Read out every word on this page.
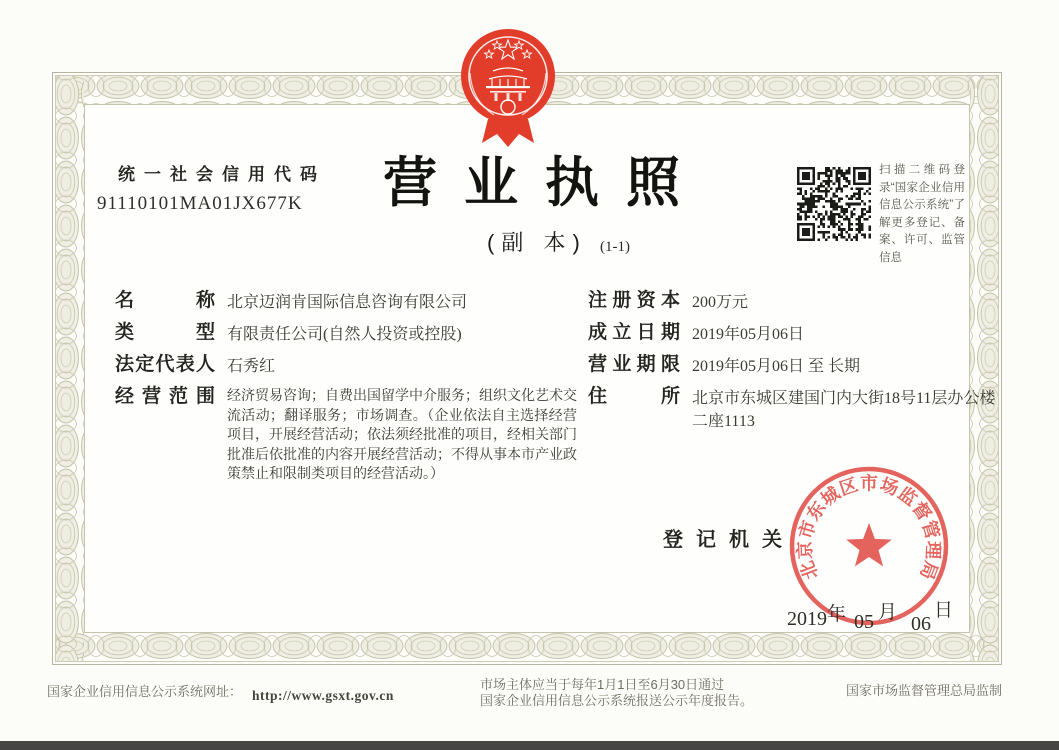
统一社会信用代码
91110101MA01JX677K 营业执照
(副 本) (1-1)
扫描二维码登录“国家企业信用信息公示系统”了解更多登记、备案、许可、监管信息
名称 北京迈润肯国际信息咨询有限公司
类型 有限责任公司(自然人投资或控股)
法定代表人 石秀红
经营范围 经济贸易咨询；自费出国留学中介服务；组织文化艺术交流活动；翻译服务；市场调查。（企业依法自主选择经营项目，开展经营活动；依法须经批准的项目，经相关部门批准后依批准的内容开展经营活动；不得从事本市产业政策禁止和限制类项目的经营活动。）
注册资本 200万元
成立日期 2019年05月06日
营业期限 2019年05月06日 至 长期
住所 北京市东城区建国门内大街18号11层办公楼二座1113
登记机关
北京市东城区市场监督管理局
2019 年 05 月
06
日
国家企业信用信息公示系统网址： http://www.gsxt.gov.cn
市场主体应当于每年1月1日至6月30日通过
国家企业信用信息公示系统报送公示年度报告。
国家市场监督管理总局监制
